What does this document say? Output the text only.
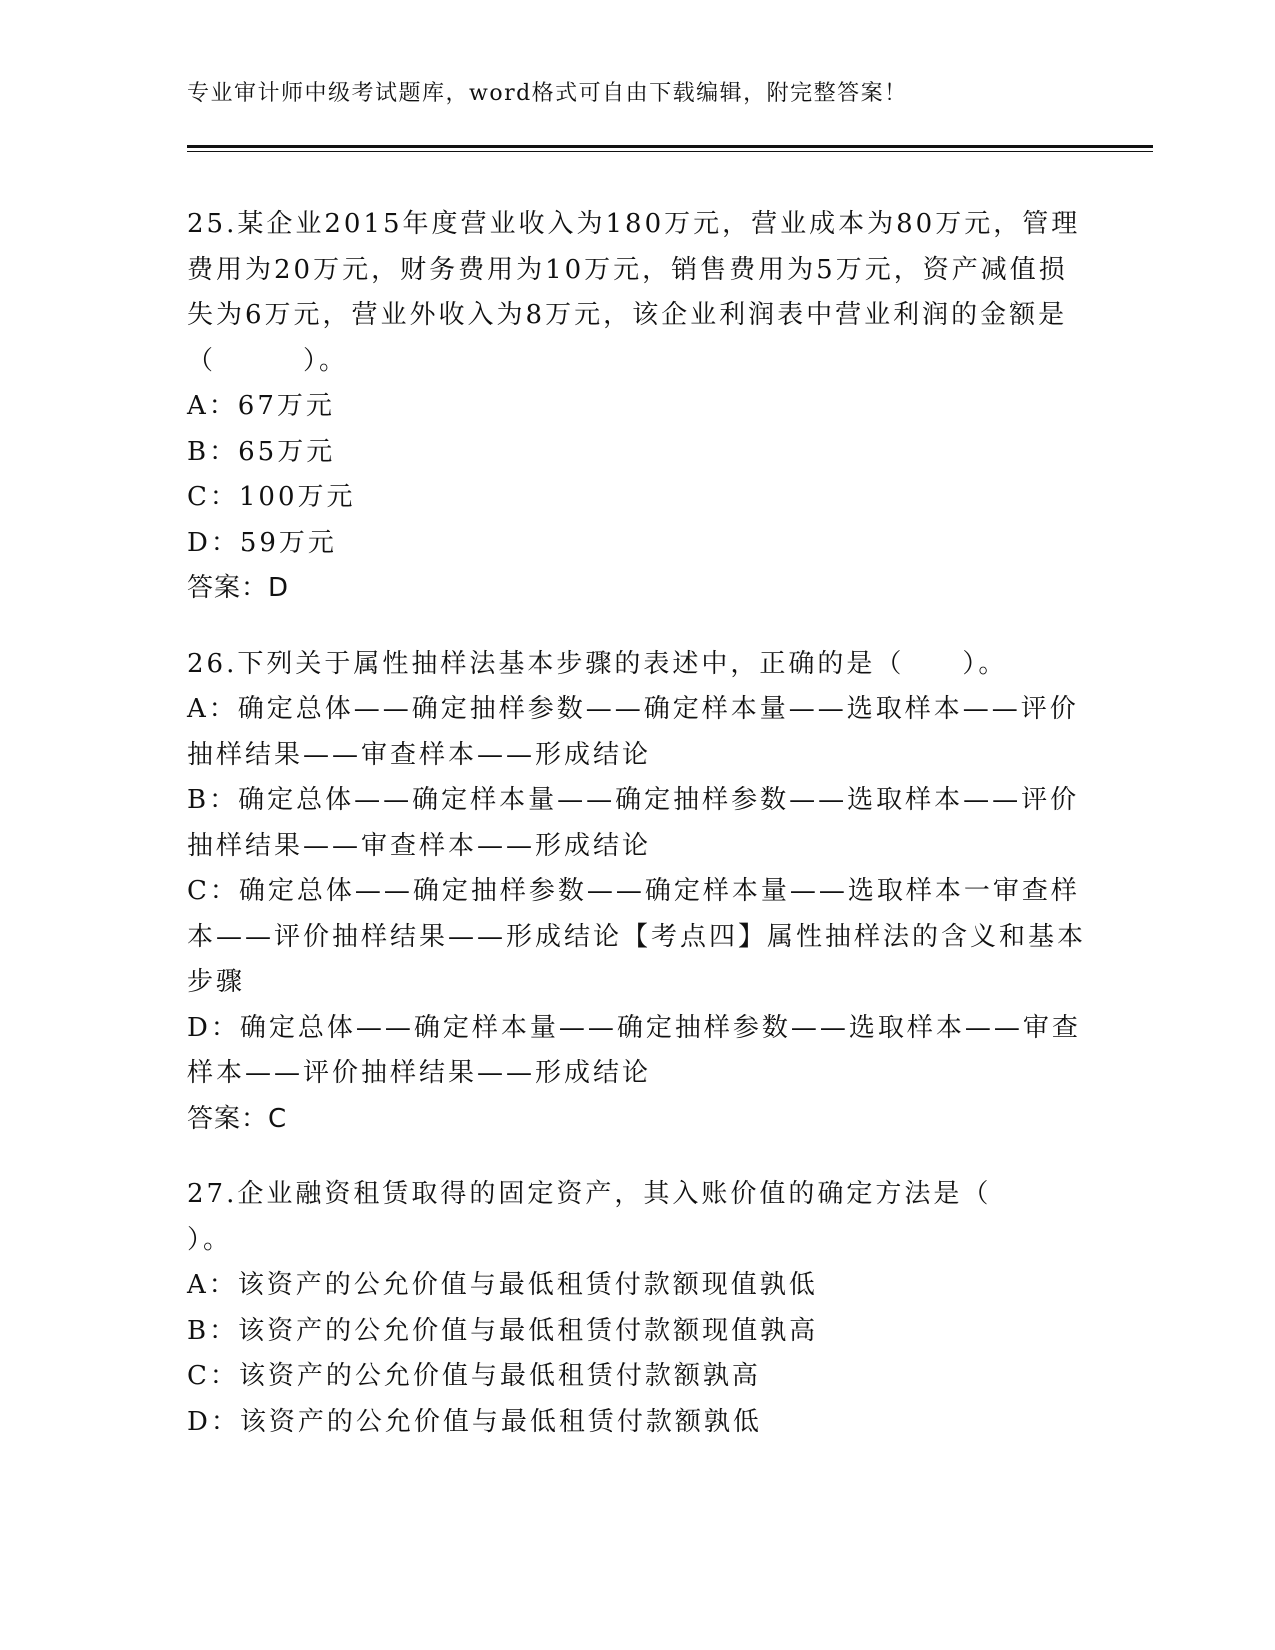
专业审计师中级考试题库，word格式可自由下载编辑，附完整答案！
25.某企业2015年度营业收入为180万元，营业成本为80万元，管理费用为20万元，财务费用为10万元，销售费用为5万元，资产减值损失为6万元，营业外收入为8万元，该企业利润表中营业利润的金额是（　　　）。
A：67万元
B：65万元
C：100万元
D：59万元
答案：D
26.下列关于属性抽样法基本步骤的表述中，正确的是（　　）。
A：确定总体——确定抽样参数——确定样本量——选取样本——评价抽样结果——审查样本——形成结论
B：确定总体——确定样本量——确定抽样参数——选取样本——评价抽样结果——审查样本——形成结论
C：确定总体——确定抽样参数——确定样本量——选取样本一审查样本——评价抽样结果——形成结论【考点四】属性抽样法的含义和基本步骤
D：确定总体——确定样本量——确定抽样参数——选取样本——审查样本——评价抽样结果——形成结论
答案：C
27.企业融资租赁取得的固定资产，其入账价值的确定方法是（　　）。
A：该资产的公允价值与最低租赁付款额现值孰低
B：该资产的公允价值与最低租赁付款额现值孰高
C：该资产的公允价值与最低租赁付款额孰高
D：该资产的公允价值与最低租赁付款额孰低
